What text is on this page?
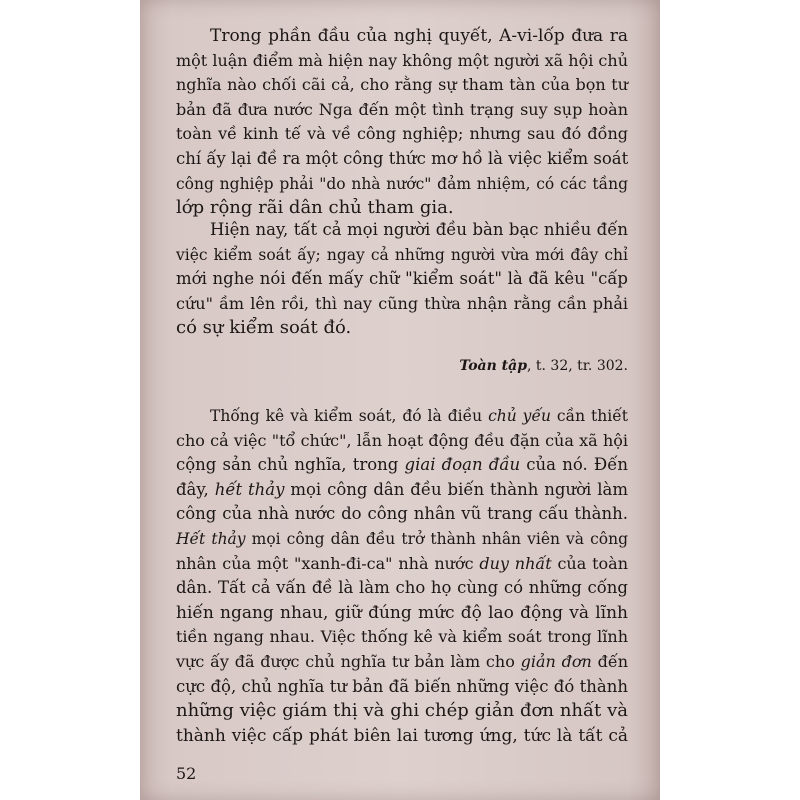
Trong phần đầu của nghị quyết, A-vi-lốp đưa ra
một luận điểm mà hiện nay không một người xã hội chủ
nghĩa nào chối cãi cả, cho rằng sự tham tàn của bọn tư
bản đã đưa nước Nga đến một tình trạng suy sụp hoàn
toàn về kinh tế và về công nghiệp; nhưng sau đó đồng
chí ấy lại đề ra một công thức mơ hồ là việc kiểm soát
công nghiệp phải "do nhà nước" đảm nhiệm, có các tầng
lớp rộng rãi dân chủ tham gia.

Hiện nay, tất cả mọi người đều bàn bạc nhiều đến
việc kiểm soát ấy; ngay cả những người vừa mới đây chỉ
mới nghe nói đến mấy chữ "kiểm soát" là đã kêu "cấp
cứu" ầm lên rồi, thì nay cũng thừa nhận rằng cần phải
có sự kiểm soát đó.

Toàn tập, t. 32, tr. 302.

Thống kê và kiểm soát, đó là điều chủ yếu cần thiết
cho cả việc "tổ chức", lẫn hoạt động đều đặn của xã hội
cộng sản chủ nghĩa, trong giai đoạn đầu của nó. Đến
đây, hết thảy mọi công dân đều biến thành người làm
công của nhà nước do công nhân vũ trang cấu thành.
Hết thảy mọi công dân đều trở thành nhân viên và công
nhân của một "xanh-đi-ca" nhà nước duy nhất của toàn
dân. Tất cả vấn đề là làm cho họ cùng có những cống
hiến ngang nhau, giữ đúng mức độ lao động và lĩnh
tiền ngang nhau. Việc thống kê và kiểm soát trong lĩnh
vực ấy đã được chủ nghĩa tư bản làm cho giản đơn đến
cực độ, chủ nghĩa tư bản đã biến những việc đó thành
những việc giám thị và ghi chép giản đơn nhất và
thành việc cấp phát biên lai tương ứng, tức là tất cả

52
